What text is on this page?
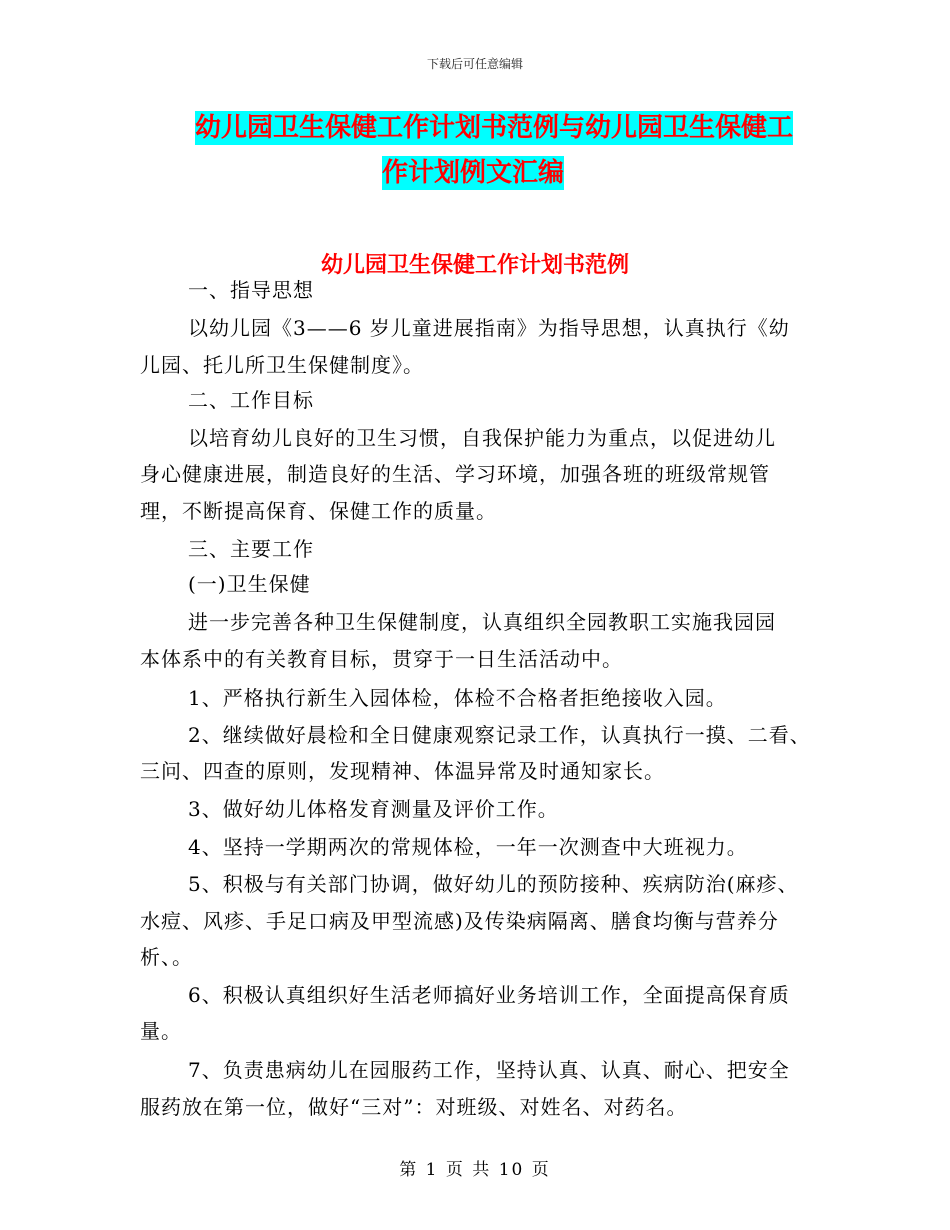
下载后可任意编辑
幼儿园卫生保健工作计划书范例与幼儿园卫生保健工
作计划例文汇编
幼儿园卫生保健工作计划书范例
一、指导思想
以幼儿园《3——6 岁儿童进展指南》为指导思想，认真执行《幼
儿园、托儿所卫生保健制度》。
二、工作目标
以培育幼儿良好的卫生习惯，自我保护能力为重点，以促进幼儿
身心健康进展，制造良好的生活、学习环境，加强各班的班级常规管
理，不断提高保育、保健工作的质量。
三、主要工作
(一)卫生保健
进一步完善各种卫生保健制度，认真组织全园教职工实施我园园
本体系中的有关教育目标，贯穿于一日生活活动中。
1、严格执行新生入园体检，体检不合格者拒绝接收入园。
2、继续做好晨检和全日健康观察记录工作，认真执行一摸、二看、
三问、四查的原则，发现精神、体温异常及时通知家长。
3、做好幼儿体格发育测量及评价工作。
4、坚持一学期两次的常规体检，一年一次测查中大班视力。
5、积极与有关部门协调，做好幼儿的预防接种、疾病防治(麻疹、
水痘、风疹、手足口病及甲型流感)及传染病隔离、膳食均衡与营养分
析、。
6、积极认真组织好生活老师搞好业务培训工作，全面提高保育质
量。
7、负责患病幼儿在园服药工作，坚持认真、认真、耐心、把安全
服药放在第一位，做好“三对”：对班级、对姓名、对药名。
第 1 页 共 10 页
